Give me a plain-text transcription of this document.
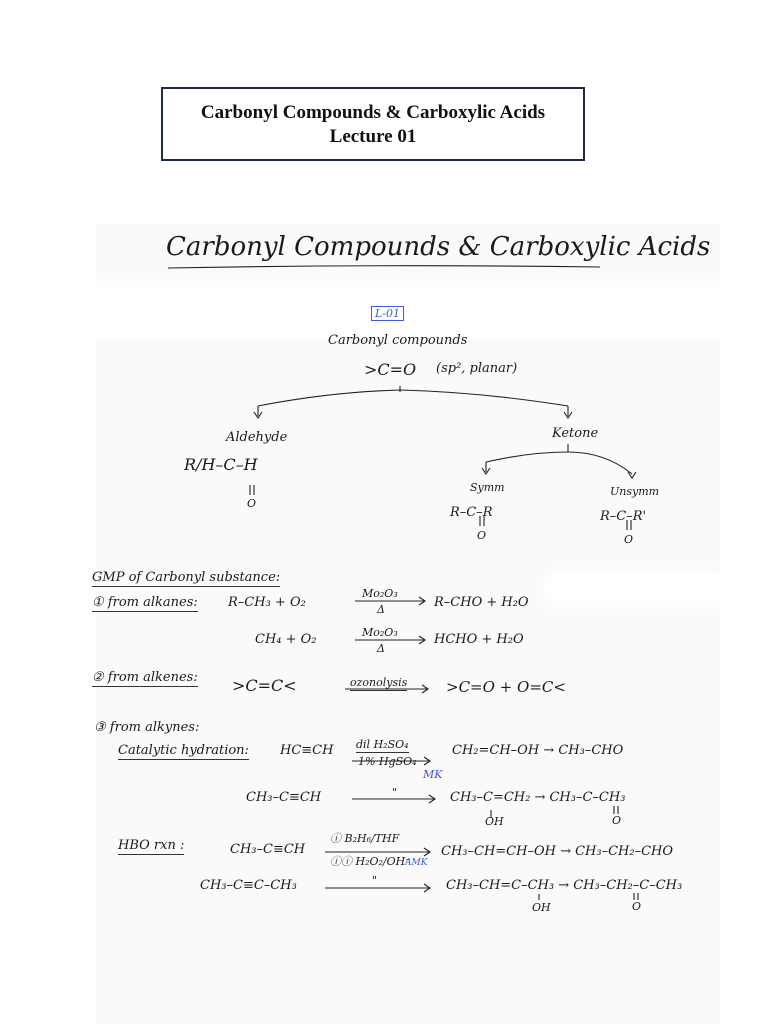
Carbonyl Compounds & Carboxylic Acids
Lecture 01
Carbonyl Compounds & Carboxylic Acids
L-01
Carbonyl compounds
>C=O (sp², planar)
Aldehyde
R/H–C–H
O
Ketone
Symm
R–C–R
O
Unsymm
R–C–R'
O
GMP of Carbonyl substance:
① from alkanes: R–CH₃ + O₂
Mo₂O₃
Δ	R–CHO + H₂O
CH₄ + O₂	Mo₂O₃
Δ
HCHO + H₂O
② from alkenes: >C=C<	ozonolysis	>C=O + O=C<
③ from alkynes:
Catalytic hydration: HC≡CH dil H₂SO₄
1% HgSO₄
CH₂=CH–OH → CH₃–CHO
MK
CH₃–C≡CH	"	CH₃–C=CH₂ → CH₃–C–CH₃
OH	O
HBO rxn :	CH₃–C≡CH
ⓘ B₂H₆/THF
ⓘⓘ H₂O₂/OH⁻
AMK
CH₃–CH=CH–OH → CH₃–CH₂–CHO
CH₃–C≡C–CH₃	"	CH₃–CH=C–CH₃ → CH₃–CH₂–C–CH₃
OH	O
